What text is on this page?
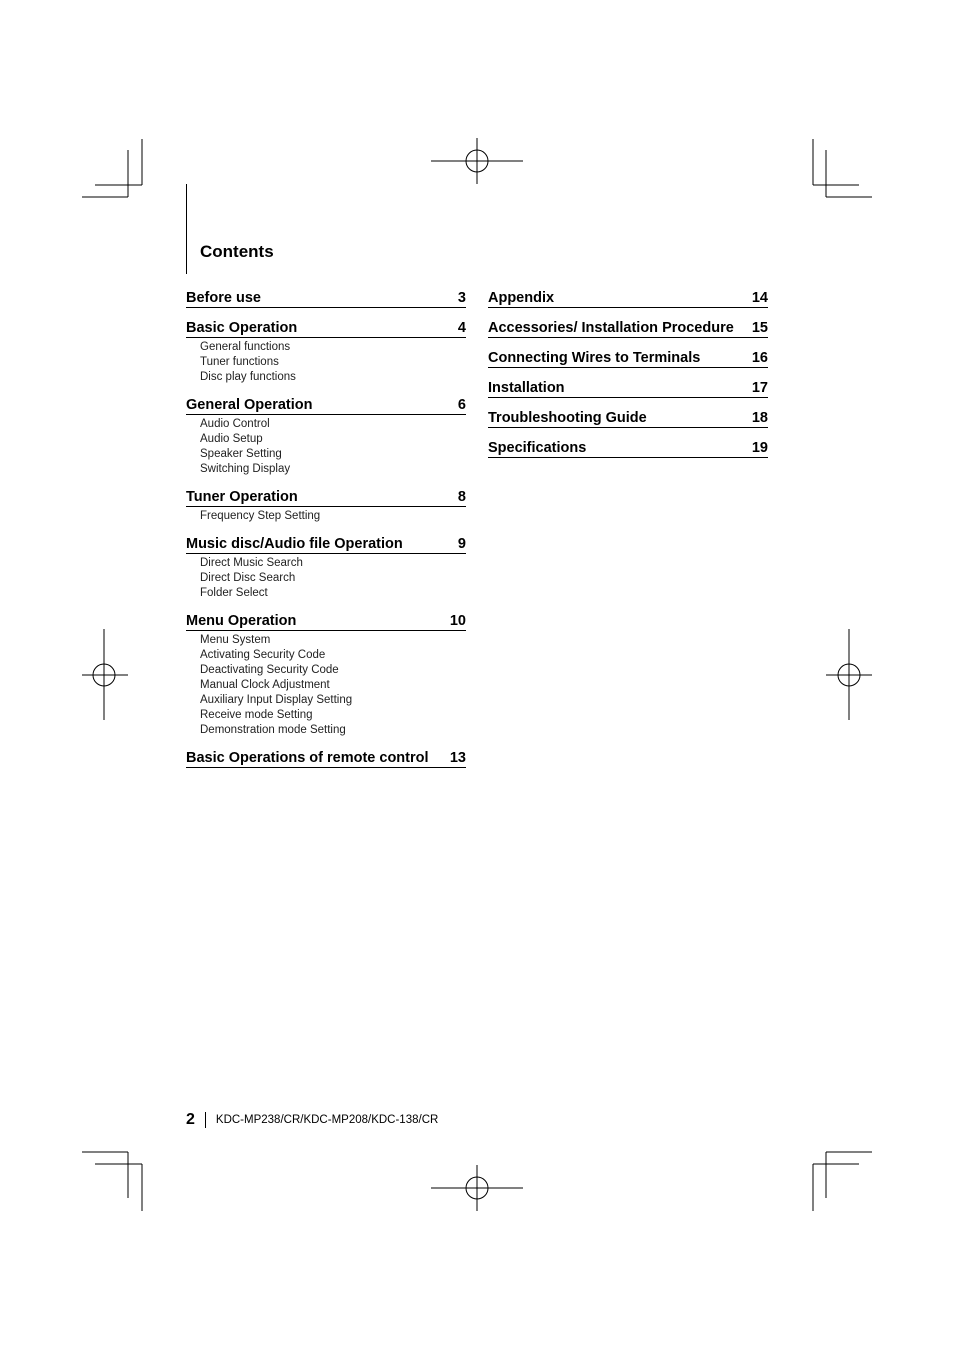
Contents
Before use	3
Basic Operation	4
General functions
Tuner functions
Disc play functions
General Operation	6
Audio Control
Audio Setup
Speaker Setting
Switching Display
Tuner Operation	8
Frequency Step Setting
Music disc/Audio file Operation	9
Direct Music Search
Direct Disc Search
Folder Select
Menu Operation	10
Menu System
Activating Security Code
Deactivating Security Code
Manual Clock Adjustment
Auxiliary Input Display Setting
Receive mode Setting
Demonstration mode Setting
Basic Operations of remote control 13
Appendix	14
Accessories/ Installation Procedure 15
Connecting Wires to Terminals	16
Installation	17
Troubleshooting Guide	18
Specifications	19
2 KDC-MP238/CR/KDC-MP208/KDC-138/CR
